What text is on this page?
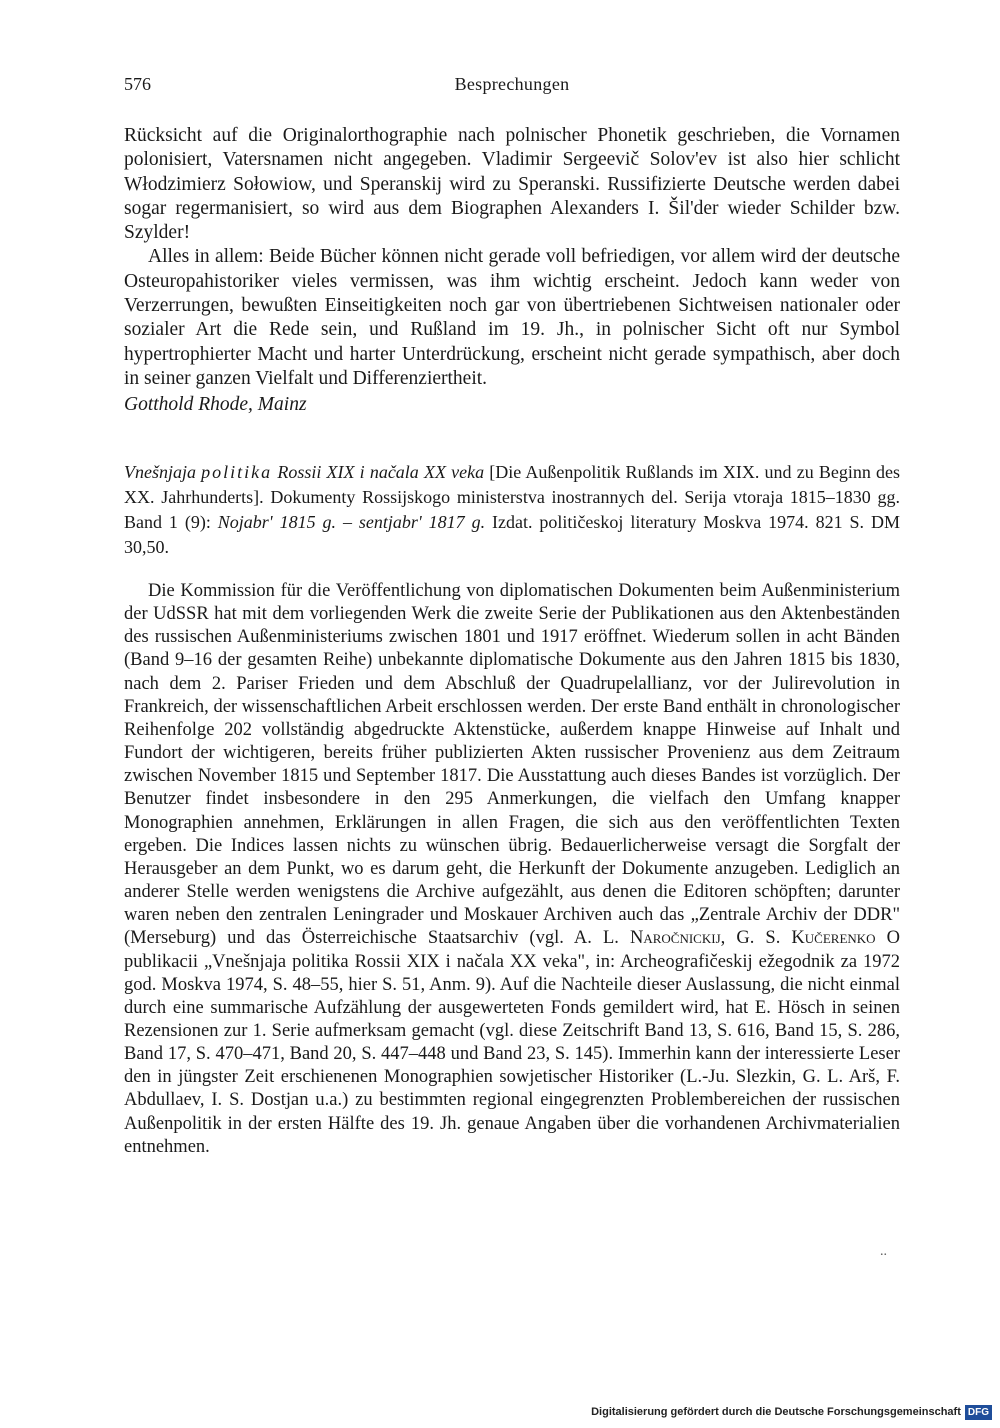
576	Besprechungen

Rücksicht auf die Originalorthographie nach polnischer Phonetik geschrieben, die Vornamen polonisiert, Vatersnamen nicht angegeben. Vladimir Sergeevič Solov'ev ist also hier schlicht Włodzimierz Sołowiow, und Speranskij wird zu Speranski. Russifizierte Deutsche werden dabei sogar regermanisiert, so wird aus dem Biographen Alexanders I. Šil'der wieder Schilder bzw. Szylder!

Alles in allem: Beide Bücher können nicht gerade voll befriedigen, vor allem wird der deutsche Osteuropahistoriker vieles vermissen, was ihm wichtig erscheint. Jedoch kann weder von Verzerrungen, bewußten Einseitigkeiten noch gar von übertriebenen Sichtweisen nationaler oder sozialer Art die Rede sein, und Rußland im 19. Jh., in polnischer Sicht oft nur Symbol hypertrophierter Macht und harter Unterdrückung, erscheint nicht gerade sympathisch, aber doch in seiner ganzen Vielfalt und Differenziertheit.

Gotthold Rhode, Mainz

Vnešnjaja politika Rossii XIX i načala XX veka [Die Außenpolitik Rußlands im XIX. und zu Beginn des XX. Jahrhunderts]. Dokumenty Rossijskogo ministerstva inostrannych del. Serija vtoraja 1815–1830 gg. Band 1 (9): Nojabr' 1815 g. – sentjabr' 1817 g. Izdat. političeskoj literatury Moskva 1974. 821 S. DM 30,50.

Die Kommission für die Veröffentlichung von diplomatischen Dokumenten beim Außenministerium der UdSSR hat mit dem vorliegenden Werk die zweite Serie der Publikationen aus den Aktenbeständen des russischen Außenministeriums zwischen 1801 und 1917 eröffnet. Wiederum sollen in acht Bänden (Band 9–16 der gesamten Reihe) unbekannte diplomatische Dokumente aus den Jahren 1815 bis 1830, nach dem 2. Pariser Frieden und dem Abschluß der Quadrupelallianz, vor der Julirevolution in Frankreich, der wissenschaftlichen Arbeit erschlossen werden. Der erste Band enthält in chronologischer Reihenfolge 202 vollständig abgedruckte Aktenstücke, außerdem knappe Hinweise auf Inhalt und Fundort der wichtigeren, bereits früher publizierten Akten russischer Provenienz aus dem Zeitraum zwischen November 1815 und September 1817. Die Ausstattung auch dieses Bandes ist vorzüglich. Der Benutzer findet insbesondere in den 295 Anmerkungen, die vielfach den Umfang knapper Monographien annehmen, Erklärungen in allen Fragen, die sich aus den veröffentlichten Texten ergeben. Die Indices lassen nichts zu wünschen übrig. Bedauerlicherweise versagt die Sorgfalt der Herausgeber an dem Punkt, wo es darum geht, die Herkunft der Dokumente anzugeben. Lediglich an anderer Stelle werden wenigstens die Archive aufgezählt, aus denen die Editoren schöpften; darunter waren neben den zentralen Leningrader und Moskauer Archiven auch das „Zentrale Archiv der DDR" (Merseburg) und das Österreichische Staatsarchiv (vgl. A. L. Naročnickij, G. S. Kučerenko O publikacii „Vnešnjaja politika Rossii XIX i načala XX veka", in: Archeografičeskij ežegodnik za 1972 god. Moskva 1974, S. 48–55, hier S. 51, Anm. 9). Auf die Nachteile dieser Auslassung, die nicht einmal durch eine summarische Aufzählung der ausgewerteten Fonds gemildert wird, hat E. Hösch in seinen Rezensionen zur 1. Serie aufmerksam gemacht (vgl. diese Zeitschrift Band 13, S. 616, Band 15, S. 286, Band 17, S. 470–471, Band 20, S. 447–448 und Band 23, S. 145). Immerhin kann der interessierte Leser den in jüngster Zeit erschienenen Monographien sowjetischer Historiker (L.-Ju. Slezkin, G. L. Arš, F. Abdullaev, I. S. Dostjan u.a.) zu bestimmten regional eingegrenzten Problembereichen der russischen Außenpolitik in der ersten Hälfte des 19. Jh. genaue Angaben über die vorhandenen Archivmaterialien entnehmen.

..
Digitalisierung gefördert durch die Deutsche Forschungsgemeinschaft DFG
